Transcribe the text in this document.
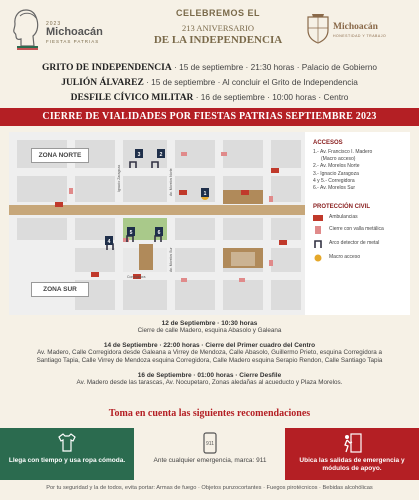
2023
Michoacán
FIESTAS PATRIAS
CELEBREMOS EL
213 ANIVERSARIO
DE LA INDEPENDENCIA
Michoacán
HONESTIDAD Y TRABAJO
GRITO DE INDEPENDENCIA · 15 de septiembre · 21:30 horas · Palacio de Gobierno
JULIÓN ÁLVAREZ · 15 de septiembre · Al concluir el Grito de Independencia
DESFILE CÍVICO MILITAR · 16 de septiembre · 10:00 horas · Centro
CIERRE DE VIALIDADES POR FIESTAS PATRIAS SEPTIEMBRE 2023
Ignacio Zaragoza	Av. Morelos Norte
Av. Morelos Sur
Corregidora
3	2
1
6
5
4
ZONA NORTE
ZONA SUR
ACCESOS
1.- Av. Francisco I. Madero
(Macro acceso)
2.- Av. Morelos Norte
3.- Ignacio Zaragoza
4 y 5.- Corregidora
6.- Av. Morelos Sur
PROTECCIÓN CIVIL
Ambulancias
Cierre con valla metálica
Arco detector de metal
Macro acceso
12 de Septiembre · 10:30 horas
Cierre de calle Madero, esquina Abasolo y Galeana
14 de Septiembre · 22:00 horas · Cierre del Primer cuadro del Centro
Av. Madero, Calle Corregidora desde Galeana a Virrey de Mendoza, Calle Abasolo, Guillermo Prieto, esquina Corregidora a
Santiago Tapia, Calle Virrey de Mendoza esquina Corregidora, Calle Madero esquina Serapio Rendon, Calle Santiago Tapia
16 de Septiembre · 01:00 horas · Cierre Desfile
Av. Madero desde las tarascas, Av. Nocupetaro, Zonas aledañas al acueducto y Plaza Morelos.
Toma en cuenta las siguientes recomendaciones
Llega con tiempo y usa ropa cómoda.
911
Ante cualquier emergencia, marca: 911	Ubica las salidas de emergencia y módulos de apoyo.
Por tu seguridad y la de todos, evita portar: Armas de fuego · Objetos punzocortantes · Fuegos pirotécnicos · Bebidas alcohólicas
